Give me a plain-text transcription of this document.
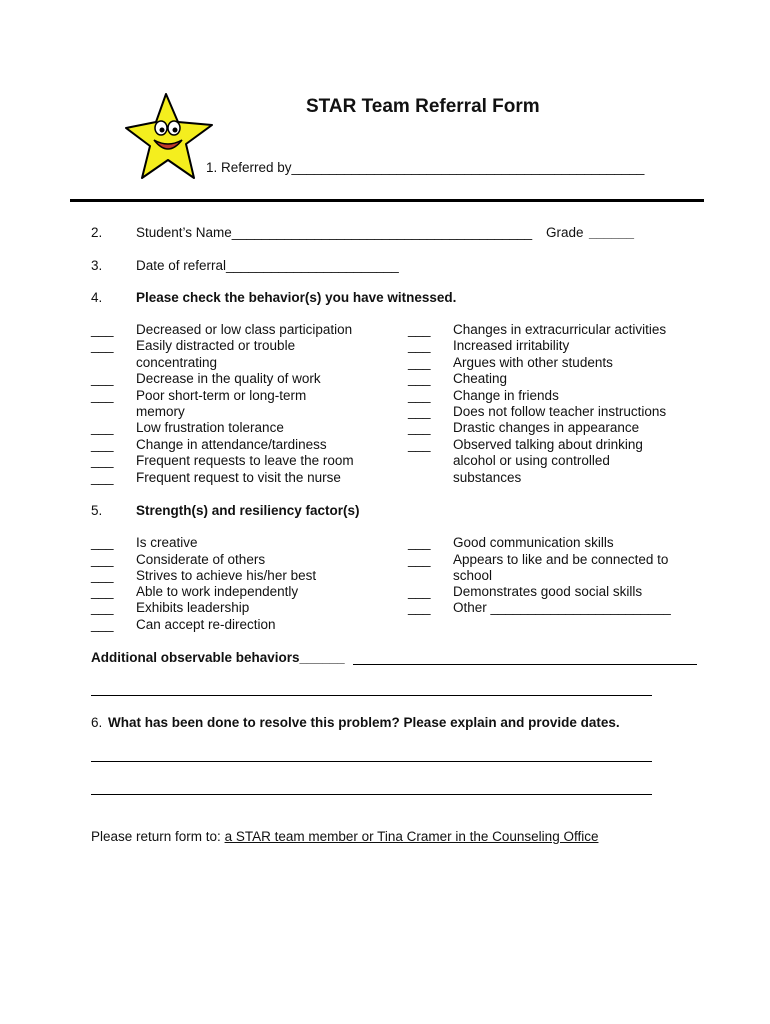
STAR Team Referral Form
1. Referred by_______________________________________________
2. Student’s Name________________________________________ Grade ______
3. Date of referral_______________________
4. Please check the behavior(s) you have witnessed.
___
___
___
___
___
___
___
___
Decreased or low class participation
Easily distracted or trouble
concentrating
Decrease in the quality of work
Poor short-term or long-term
memory
Low frustration tolerance
Change in attendance/tardiness
Frequent requests to leave the room
Frequent request to visit the nurse
___
___
___
___
___
___
___
___
Changes in extracurricular activities
Increased irritability
Argues with other students
Cheating
Change in friends
Does not follow teacher instructions
Drastic changes in appearance
Observed talking about drinking
alcohol or using controlled
substances
5. Strength(s) and resiliency factor(s)
___
___
___
___
___
___
Is creative
Considerate of others
Strives to achieve his/her best
Able to work independently
Exhibits leadership
Can accept re-direction
___
___
___
___
Good communication skills
Appears to like and be connected to
school
Demonstrates good social skills
Other ________________________
Additional observable behaviors______
6. What has been done to resolve this problem? Please explain and provide dates.
Please return form to: a STAR team member or Tina Cramer in the Counseling Office
